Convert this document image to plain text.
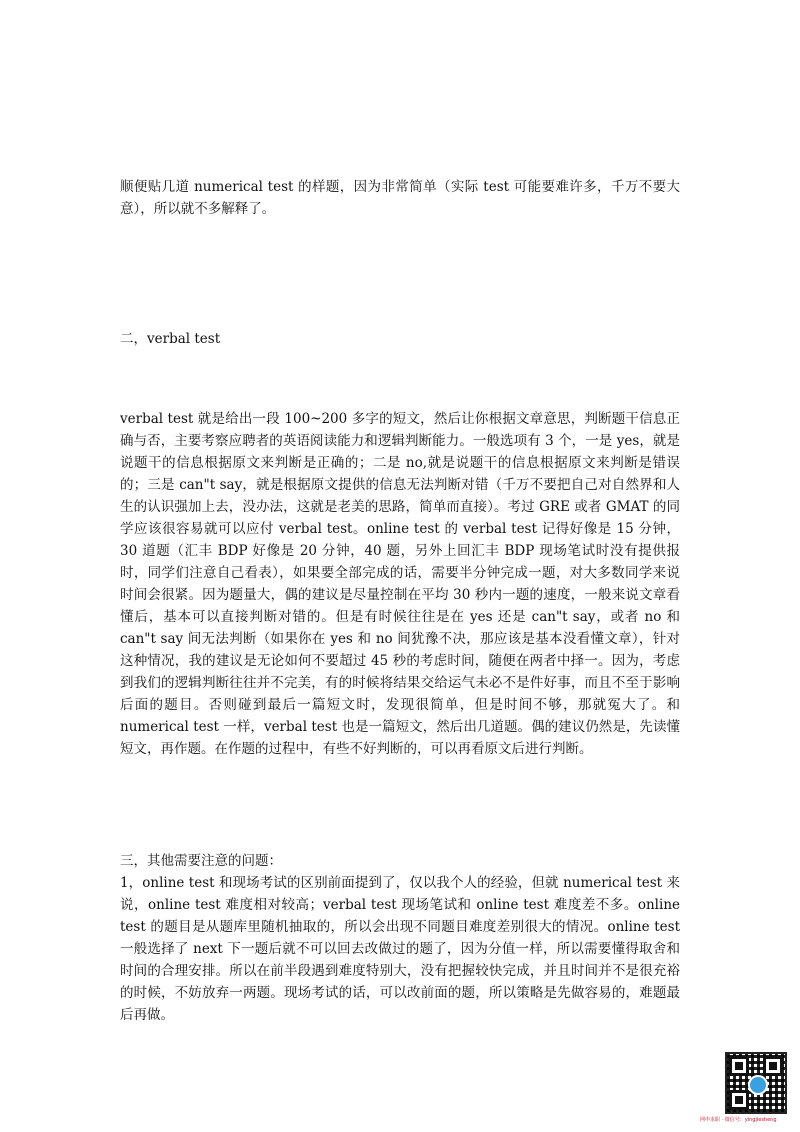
顺便贴几道 numerical test 的样题，因为非常简单（实际 test 可能要难许多，千万不要大意），所以就不多解释了。

二，verbal test

verbal test 就是给出一段 100~200 多字的短文，然后让你根据文章意思，判断题干信息正确与否，主要考察应聘者的英语阅读能力和逻辑判断能力。一般选项有 3 个，一是 yes，就是说题干的信息根据原文来判断是正确的；二是 no,就是说题干的信息根据原文来判断是错误的；三是 can"t say，就是根据原文提供的信息无法判断对错（千万不要把自己对自然界和人生的认识强加上去，没办法，这就是老美的思路，简单而直接）。考过 GRE 或者 GMAT 的同学应该很容易就可以应付 verbal test。online test 的 verbal test 记得好像是 15 分钟，30 道题（汇丰 BDP 好像是 20 分钟，40 题，另外上回汇丰 BDP 现场笔试时没有提供报时，同学们注意自己看表），如果要全部完成的话，需要半分钟完成一题，对大多数同学来说时间会很紧。因为题量大，偶的建议是尽量控制在平均 30 秒内一题的速度，一般来说文章看懂后，基本可以直接判断对错的。但是有时候往往是在 yes 还是 can"t say，或者 no 和 can"t say 间无法判断（如果你在 yes 和 no 间犹豫不决，那应该是基本没看懂文章），针对这种情况，我的建议是无论如何不要超过 45 秒的考虑时间，随便在两者中择一。因为，考虑到我们的逻辑判断往往并不完美，有的时候将结果交给运气未必不是件好事，而且不至于影响后面的题目。否则碰到最后一篇短文时，发现很简单，但是时间不够，那就冤大了。和 numerical test 一样，verbal test 也是一篇短文，然后出几道题。偶的建议仍然是，先读懂短文，再作题。在作题的过程中，有些不好判断的，可以再看原文后进行判断。

三，其他需要注意的问题：
1，online test 和现场考试的区别前面提到了，仅以我个人的经验，但就 numerical test 来说，online test 难度相对较高；verbal test 现场笔试和 online test 难度差不多。online test 的题目是从题库里随机抽取的，所以会出现不同题目难度差别很大的情况。online test 一般选择了 next 下一题后就不可以回去改做过的题了，因为分值一样，所以需要懂得取舍和时间的合理安排。所以在前半段遇到难度特别大，没有把握较快完成，并且时间并不是很充裕的时候，不妨放弃一两题。现场考试的话，可以改前面的题，所以策略是先做容易的，难题最后再做。

网申求职 · 微信号：yingjiesheng
